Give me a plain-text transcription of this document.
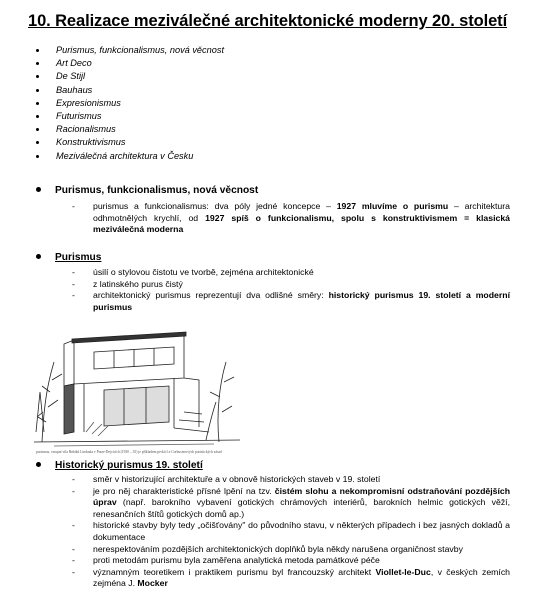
10. Realizace meziválečné architektonické moderny 20. století
Purismus, funkcionalismus, nová věcnost
Art Deco
De Stijl
Bauhaus
Expresionismus
Futurismus
Racionalismus
Konstruktivismus
Meziválečná architektura v Česku
Purismus, funkcionalismus, nová věcnost
- purismus a funkcionalismus: dva póly jedné koncepce – 1927 mluvíme o purismu – architektura odhmotnělých krychlí, od 1927 spíš o funkcionalismu, spolu s konstruktivismem = klasická meziválečná moderna
Purismus
- úsilí o stylovou čistotu ve tvorbě, zejména architektonické
- z latinského purus čistý
- architektonický purismus reprezentují dva odlišné směry: historický purismus 19. století a moderní purismus
purismus, vstupní vila Brňáků Lindaula v Praze-Dejvicích (1930 – 35) je příkladem prvků Le Corbusierových puristických zásad
Historický purismus 19. století
- směr v historizující architektuře a v obnově historických staveb v 19. století
- je pro něj charakteristické přísné lpění na tzv. čistém slohu a nekompromisní odstraňování pozdějších úprav (např. barokního vybavení gotických chrámových interiérů, barokních helmic gotických věží, renesančních štítů gotických domů ap.)
- historické stavby byly tedy „očišťovány" do původního stavu, v některých případech i bez jasných dokladů a dokumentace
- nerespektováním pozdějších architektonických doplňků byla někdy narušena organičnost stavby
- proti metodám purismu byla zaměřena analytická metoda památkové péče
- významným teoretikem i praktikem purismu byl francouzský architekt Viollet-le-Duc, v českých zemích zejména J. Mocker
